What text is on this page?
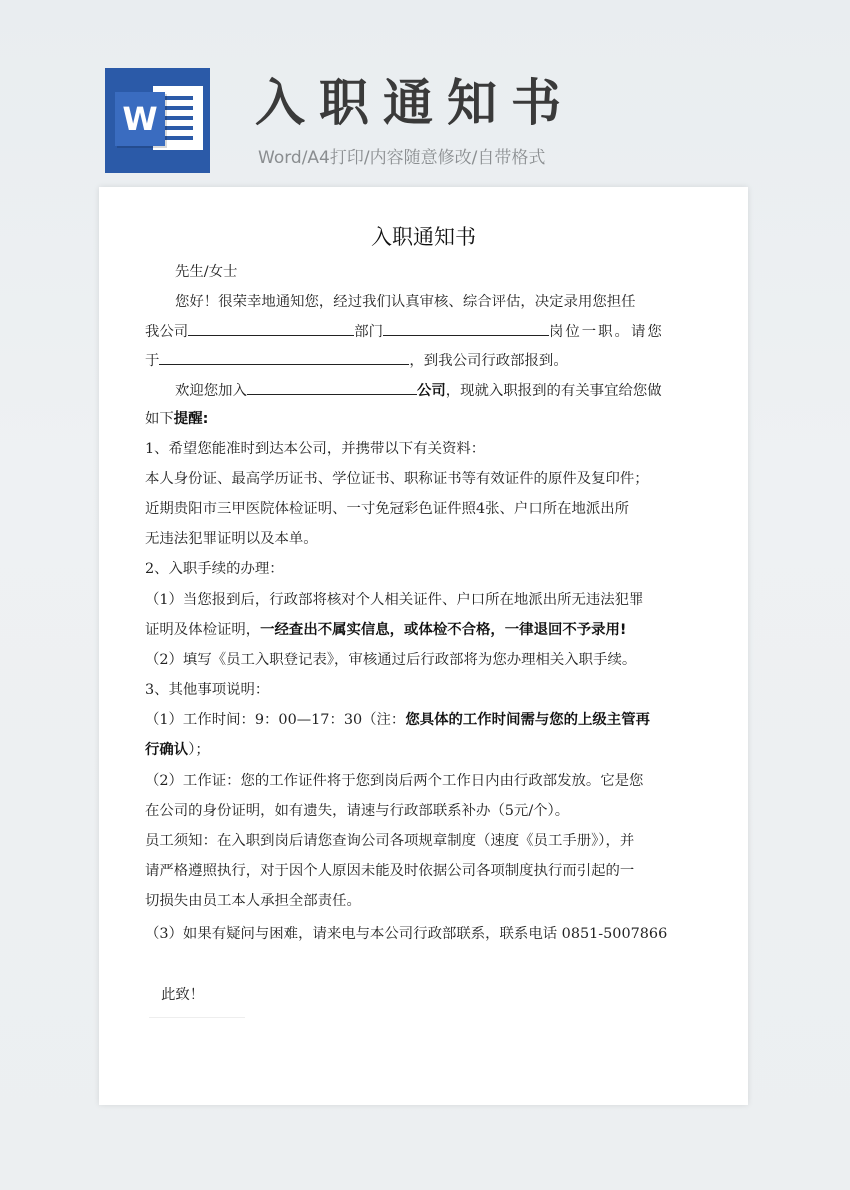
W 入职通知书
Word/A4打印/内容随意修改/自带格式
入职通知书
先生/女士
您好！很荣幸地通知您，经过我们认真审核、综合评估，决定录用您担任
我公司	部门	岗位一职。请您
于	，到我公司行政部报到。
欢迎您加入	公司，现就入职报到的有关事宜给您做
如下提醒:
1、希望您能准时到达本公司，并携带以下有关资料：
本人身份证、最高学历证书、学位证书、职称证书等有效证件的原件及复印件；
近期贵阳市三甲医院体检证明、一寸免冠彩色证件照4张、户口所在地派出所
无违法犯罪证明以及本单。
2、入职手续的办理：
（1）当您报到后，行政部将核对个人相关证件、户口所在地派出所无违法犯罪
证明及体检证明，一经查出不属实信息，或体检不合格，一律退回不予录用!
（2）填写《员工入职登记表》，审核通过后行政部将为您办理相关入职手续。
3、其他事项说明：
（1）工作时间：9：00—17：30（注：您具体的工作时间需与您的上级主管再
行确认）；
（2）工作证：您的工作证件将于您到岗后两个工作日内由行政部发放。它是您
在公司的身份证明，如有遗失，请速与行政部联系补办（5元/个）。
员工须知：在入职到岗后请您查询公司各项规章制度（速度《员工手册》），并
请严格遵照执行，对于因个人原因未能及时依据公司各项制度执行而引起的一
切损失由员工本人承担全部责任。
（3）如果有疑问与困难，请来电与本公司行政部联系，联系电话 0851-5007866
此致！
